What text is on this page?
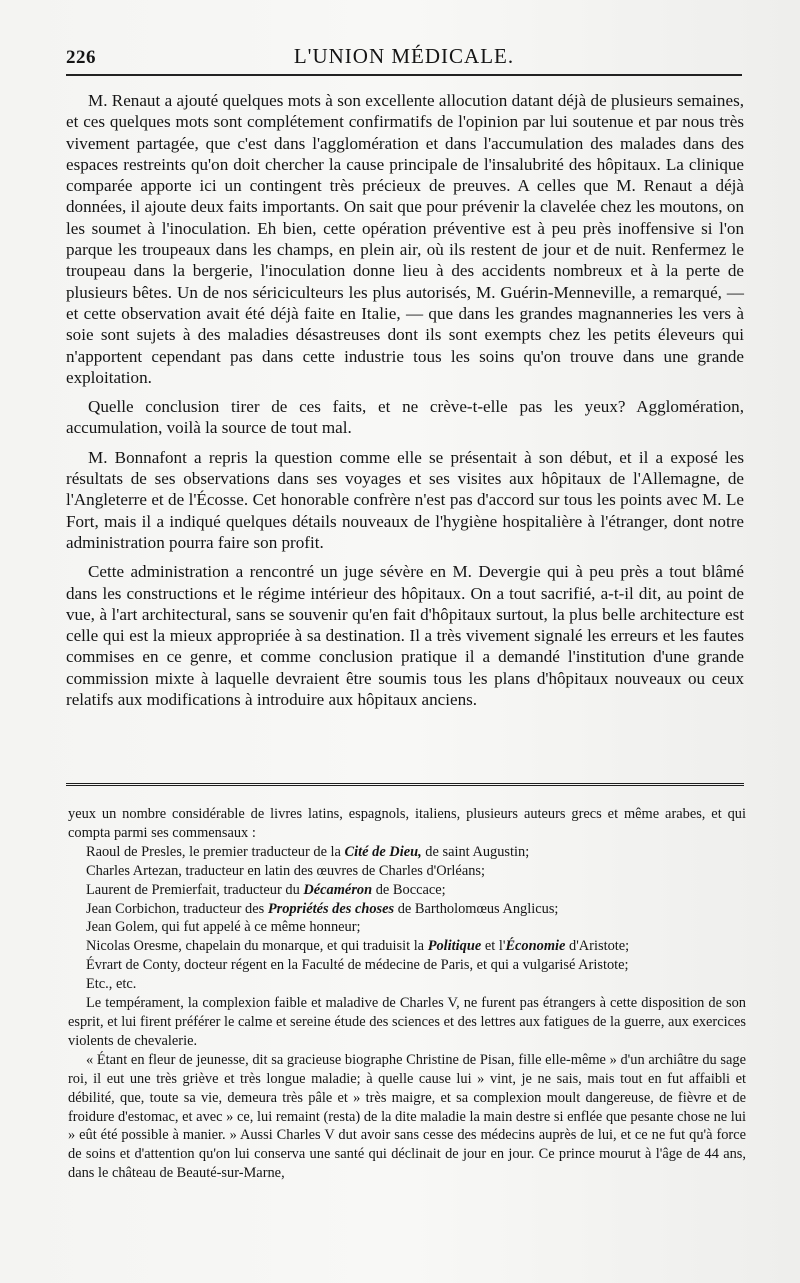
226	L'UNION MÉDICALE.

M. Renaut a ajouté quelques mots à son excellente allocution datant déjà de plusieurs semaines, et ces quelques mots sont complétement confirmatifs de l'opinion par lui soutenue et par nous très vivement partagée, que c'est dans l'agglomération et dans l'accumulation des malades dans des espaces restreints qu'on doit chercher la cause principale de l'insalubrité des hôpitaux. La clinique comparée apporte ici un contingent très précieux de preuves. A celles que M. Renaut a déjà données, il ajoute deux faits importants. On sait que pour prévenir la clavelée chez les moutons, on les soumet à l'inoculation. Eh bien, cette opération préventive est à peu près inoffensive si l'on parque les troupeaux dans les champs, en plein air, où ils restent de jour et de nuit. Renfermez le troupeau dans la bergerie, l'inoculation donne lieu à des accidents nombreux et à la perte de plusieurs bêtes. Un de nos sériciculteurs les plus autorisés, M. Guérin-Menneville, a remarqué, — et cette observation avait été déjà faite en Italie, — que dans les grandes magnanneries les vers à soie sont sujets à des maladies désastreuses dont ils sont exempts chez les petits éleveurs qui n'apportent cependant pas dans cette industrie tous les soins qu'on trouve dans une grande exploitation.

Quelle conclusion tirer de ces faits, et ne crève-t-elle pas les yeux? Agglomération, accumulation, voilà la source de tout mal.

M. Bonnafont a repris la question comme elle se présentait à son début, et il a exposé les résultats de ses observations dans ses voyages et ses visites aux hôpitaux de l'Allemagne, de l'Angleterre et de l'Écosse. Cet honorable confrère n'est pas d'accord sur tous les points avec M. Le Fort, mais il a indiqué quelques détails nouveaux de l'hygiène hospitalière à l'étranger, dont notre administration pourra faire son profit.

Cette administration a rencontré un juge sévère en M. Devergie qui à peu près a tout blâmé dans les constructions et le régime intérieur des hôpitaux. On a tout sacrifié, a-t-il dit, au point de vue, à l'art architectural, sans se souvenir qu'en fait d'hôpitaux surtout, la plus belle architecture est celle qui est la mieux appropriée à sa destination. Il a très vivement signalé les erreurs et les fautes commises en ce genre, et comme conclusion pratique il a demandé l'institution d'une grande commission mixte à laquelle devraient être soumis tous les plans d'hôpitaux nouveaux ou ceux relatifs aux modifications à introduire aux hôpitaux anciens.

yeux un nombre considérable de livres latins, espagnols, italiens, plusieurs auteurs grecs et même arabes, et qui compta parmi ses commensaux :

Raoul de Presles, le premier traducteur de la Cité de Dieu, de saint Augustin;

Charles Artezan, traducteur en latin des œuvres de Charles d'Orléans;

Laurent de Premierfait, traducteur du Décaméron de Boccace;

Jean Corbichon, traducteur des Propriétés des choses de Bartholomœus Anglicus;

Jean Golem, qui fut appelé à ce même honneur;

Nicolas Oresme, chapelain du monarque, et qui traduisit la Politique et l'Économie d'Aristote;

Évrart de Conty, docteur régent en la Faculté de médecine de Paris, et qui a vulgarisé Aristote;

Etc., etc.

Le tempérament, la complexion faible et maladive de Charles V, ne furent pas étrangers à cette disposition de son esprit, et lui firent préférer le calme et sereine étude des sciences et des lettres aux fatigues de la guerre, aux exercices violents de chevalerie.

« Étant en fleur de jeunesse, dit sa gracieuse biographe Christine de Pisan, fille elle-même » d'un archiâtre du sage roi, il eut une très griève et très longue maladie; à quelle cause lui » vint, je ne sais, mais tout en fut affaibli et débilité, que, toute sa vie, demeura très pâle et » très maigre, et sa complexion moult dangereuse, de fièvre et de froidure d'estomac, et avec » ce, lui remaint (resta) de la dite maladie la main destre si enflée que pesante chose ne lui » eût été possible à manier. » Aussi Charles V dut avoir sans cesse des médecins auprès de lui, et ce ne fut qu'à force de soins et d'attention qu'on lui conserva une santé qui déclinait de jour en jour. Ce prince mourut à l'âge de 44 ans, dans le château de Beauté-sur-Marne,
